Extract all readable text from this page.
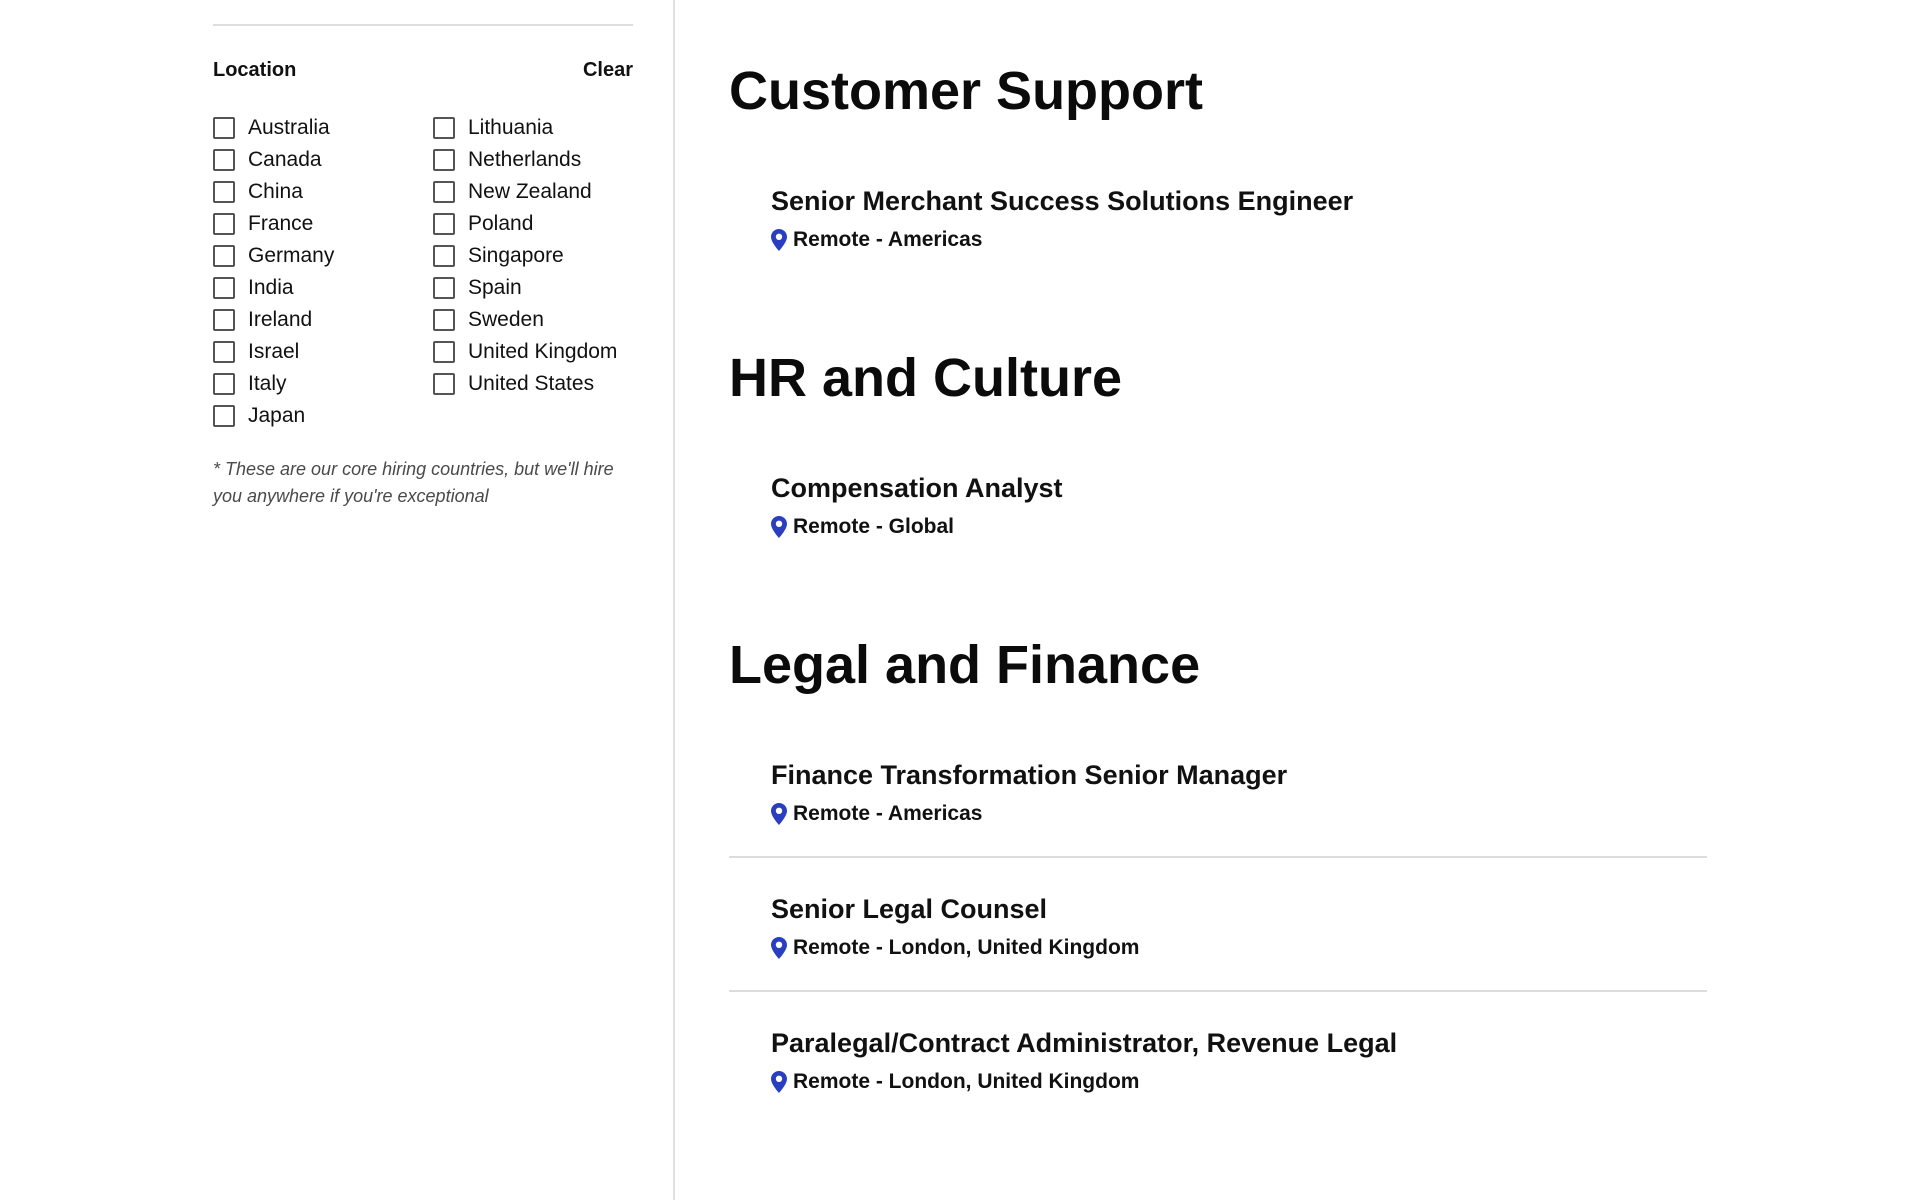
Location	Clear
Australia
Canada
China
France
Germany
India
Ireland
Israel
Italy
Japan
Lithuania
Netherlands
New Zealand
Poland
Singapore
Spain
Sweden
United Kingdom
United States
* These are our core hiring countries, but we'll hire you anywhere if you're exceptional
Customer Support
Senior Merchant Success Solutions Engineer
Remote - Americas
HR and Culture
Compensation Analyst
Remote - Global
Legal and Finance
Finance Transformation Senior Manager
Remote - Americas
Senior Legal Counsel
Remote - London, United Kingdom
Paralegal/Contract Administrator, Revenue Legal
Remote - London, United Kingdom
